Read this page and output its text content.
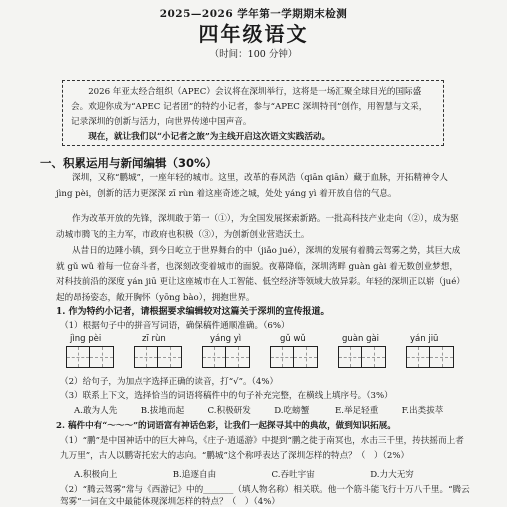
2025—2026 学年第一学期期末检测
四年级语文
（时间：100 分钟）

2026 年亚太经合组织（APEC）会议将在深圳举行，这将是一场汇聚全球目光的国际盛会。欢迎你成为“APEC 记者团”的特约小记者，参与“APEC 深圳特刊”创作，用智慧与文采，记录深圳的创新与活力，向世界传递中国声音。

现在，就让我们以“小记者之旅”为主线开启这次语文实践活动。

一、积累运用与新闻编辑（30%）

深圳，又称“鹏城”，一座年轻的城市。这里，改革的春风浩（qiān qiān）藏于血脉，开拓精神令人 jìng pèi，创新的活力更深深 zī rùn 着这座奇迹之城，处处 yáng yì 着开放自信的气息。

作为改革开放的先锋，深圳敢于第一（①），为全国发展探索新路。一批高科技产业走向（②），成为驱动城市腾飞的主力军，市政府也积极（③），为创新创业营造沃土。

从昔日的边陲小镇，到今日屹立于世界舞台的中（jiǎo jué），深圳的发展有着腾云驾雾之势，其巨大成就 gǔ wǔ 着每一位奋斗者，也深刻改变着城市的面貌。夜幕降临，深圳湾畔 guàn gài 着无数创业梦想，对科技前沿的深度 yán jiū 更让这座城市在人工智能、低空经济等领域大放异彩。年轻的深圳正以崭（jué）起的昂扬姿态，敞开胸怀（yōng bào），拥抱世界。

1. 作为特约小记者，请根据要求编辑较对这篇关于深圳的宣传报道。
（1）根据句子中的拼音写词语，确保稿件通顺准确。（6%）
jìng pèi	zī rùn	yáng yì	gǔ wǔ	guàn gài	yán jiū
（2）给句子，为加点字选择正确的读音，打“√”。（4%）
（3）联系上下文，选择恰当的词语将稿件中的句子补充完整，在横线上填序号。（3%）
A.敢为人先	B.拔地而起	C.积极研发	D.吃螃蟹	E.举足轻重	F.出类拔萃
2. 稿件中有“～～～”的词语富有神话色彩，让我们一起探寻其中的典故，做到知识拓展。
（1）“鹏”是中国神话中的巨大神鸟，《庄子·逍遥游》中提到“鹏之徙于南冥也，水击三千里，抟扶摇而上者九万里”，古人以鹏寄托宏大的志向。“鹏城”这个称呼表达了深圳怎样的特点？（　）（2%）
A.积极向上	B.追逐自由	C.吞吐宇宙	D.力大无穷
（2）“腾云驾雾”常与《西游记》中的_______（填人物名称）相关联。他一个筋斗能飞行十万八千里。“腾云驾雾”一词在文中最能体现深圳怎样的特点？（　）（4%）
